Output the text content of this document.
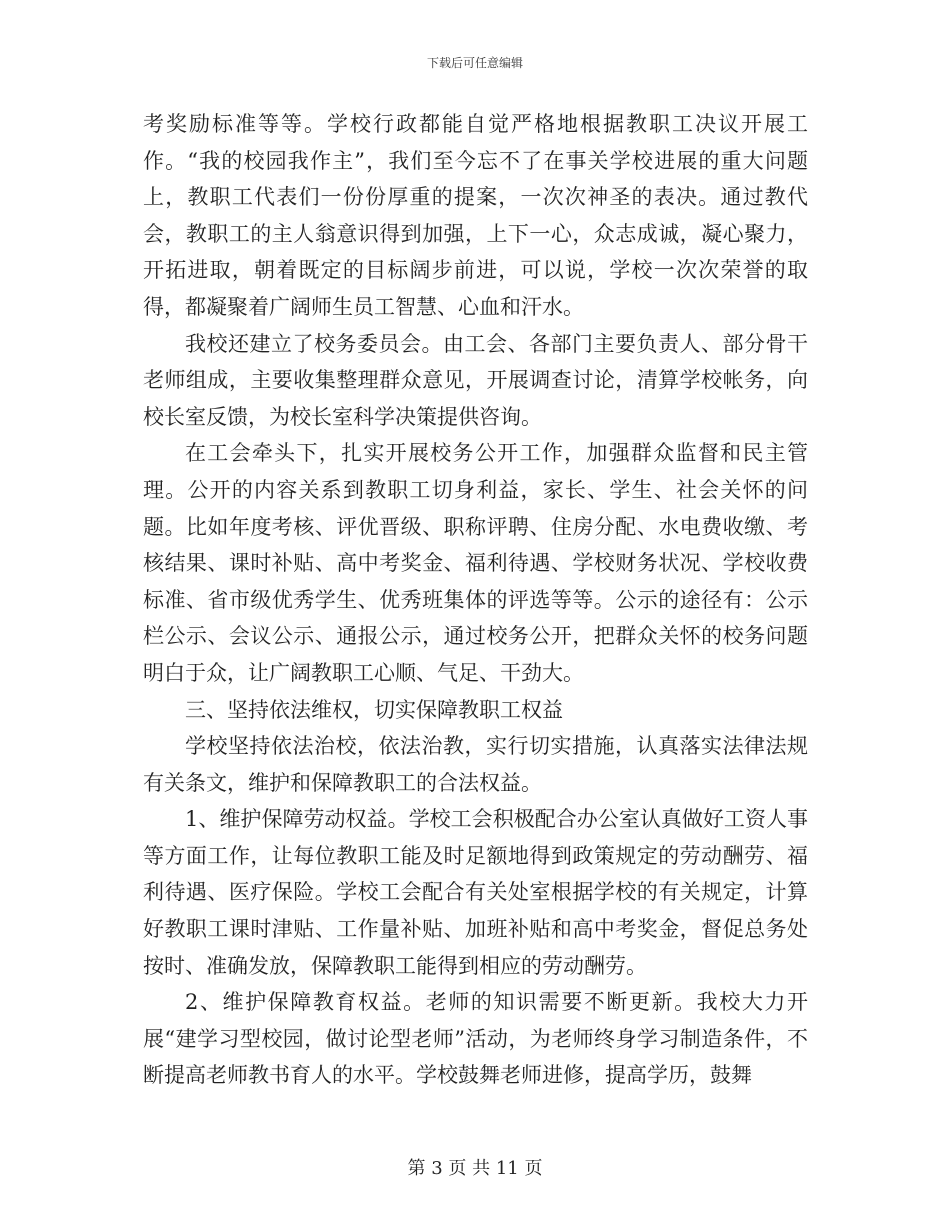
下载后可任意编辑

考奖励标准等等。学校行政都能自觉严格地根据教职工决议开展工作。“我的校园我作主”，我们至今忘不了在事关学校进展的重大问题上，教职工代表们一份份厚重的提案，一次次神圣的表决。通过教代会，教职工的主人翁意识得到加强，上下一心，众志成诚，凝心聚力，开拓进取，朝着既定的目标阔步前进，可以说，学校一次次荣誉的取得，都凝聚着广阔师生员工智慧、心血和汗水。

我校还建立了校务委员会。由工会、各部门主要负责人、部分骨干老师组成，主要收集整理群众意见，开展调查讨论，清算学校帐务，向校长室反馈，为校长室科学决策提供咨询。

在工会牵头下，扎实开展校务公开工作，加强群众监督和民主管理。公开的内容关系到教职工切身利益，家长、学生、社会关怀的问题。比如年度考核、评优晋级、职称评聘、住房分配、水电费收缴、考核结果、课时补贴、高中考奖金、福利待遇、学校财务状况、学校收费标准、省市级优秀学生、优秀班集体的评选等等。公示的途径有：公示栏公示、会议公示、通报公示，通过校务公开，把群众关怀的校务问题明白于众，让广阔教职工心顺、气足、干劲大。

三、坚持依法维权，切实保障教职工权益

学校坚持依法治校，依法治教，实行切实措施，认真落实法律法规有关条文，维护和保障教职工的合法权益。

1、维护保障劳动权益。学校工会积极配合办公室认真做好工资人事等方面工作，让每位教职工能及时足额地得到政策规定的劳动酬劳、福利待遇、医疗保险。学校工会配合有关处室根据学校的有关规定，计算好教职工课时津贴、工作量补贴、加班补贴和高中考奖金，督促总务处按时、准确发放，保障教职工能得到相应的劳动酬劳。

2、维护保障教育权益。老师的知识需要不断更新。我校大力开展“建学习型校园，做讨论型老师”活动，为老师终身学习制造条件，不断提高老师教书育人的水平。学校鼓舞老师进修，提高学历，鼓舞

第 3 页 共 11 页
